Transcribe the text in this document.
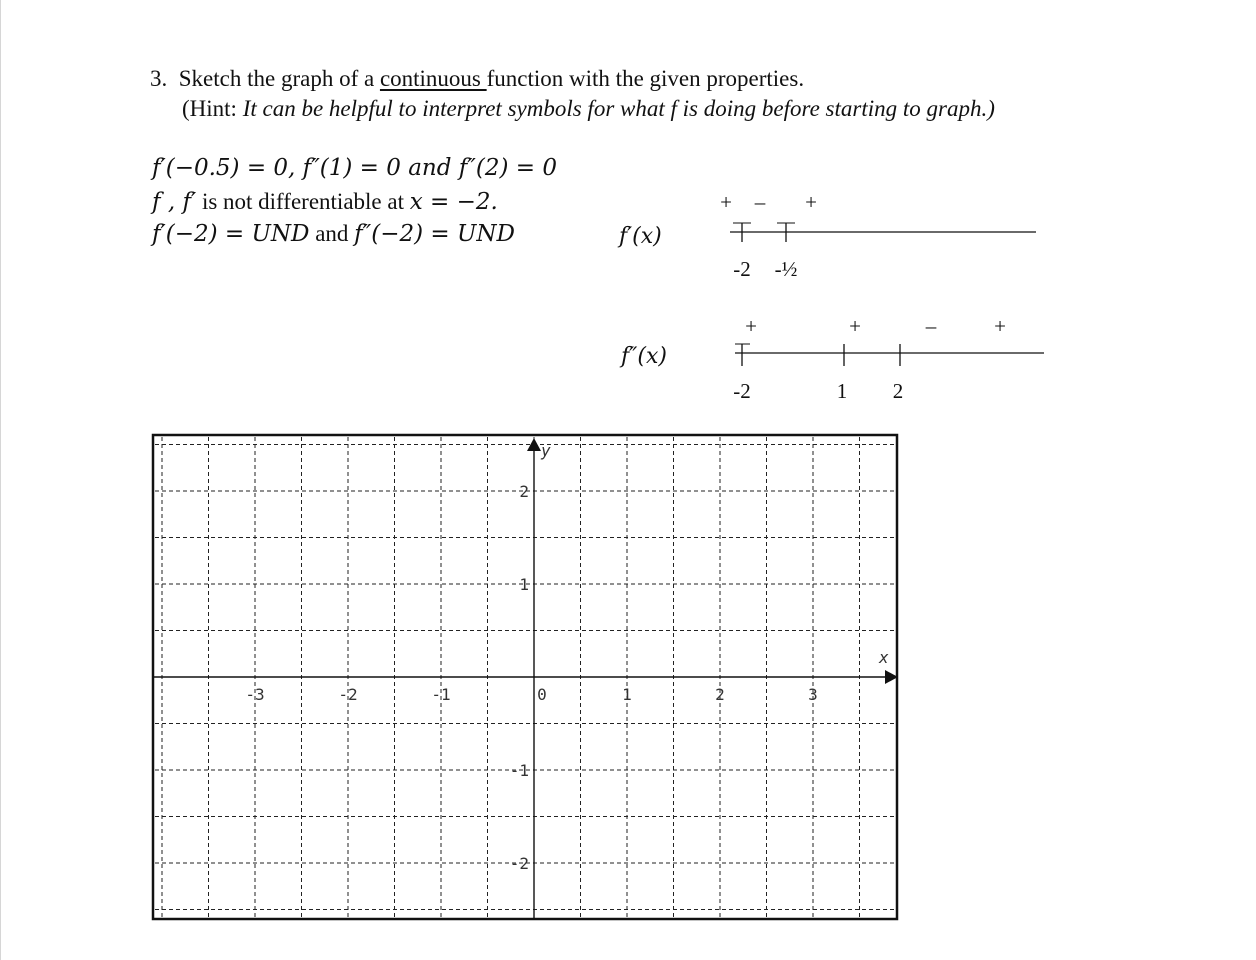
3. Sketch the graph of a continuous function with the given properties.
(Hint: It can be helpful to interpret symbols for what f is doing before starting to graph.)
f′(−0.5) = 0, f″(1) = 0 and f″(2) = 0
f , f′ is not differentiable at x = −2.
f′(−2) = UND and f″(−2) = UND	f′(x)
+ – +
-2 -½
f″(x)
+	+	–	+
-2	1 2
x
y
-3	-2	-1	0	1	2	3
2
1
-1
-2
